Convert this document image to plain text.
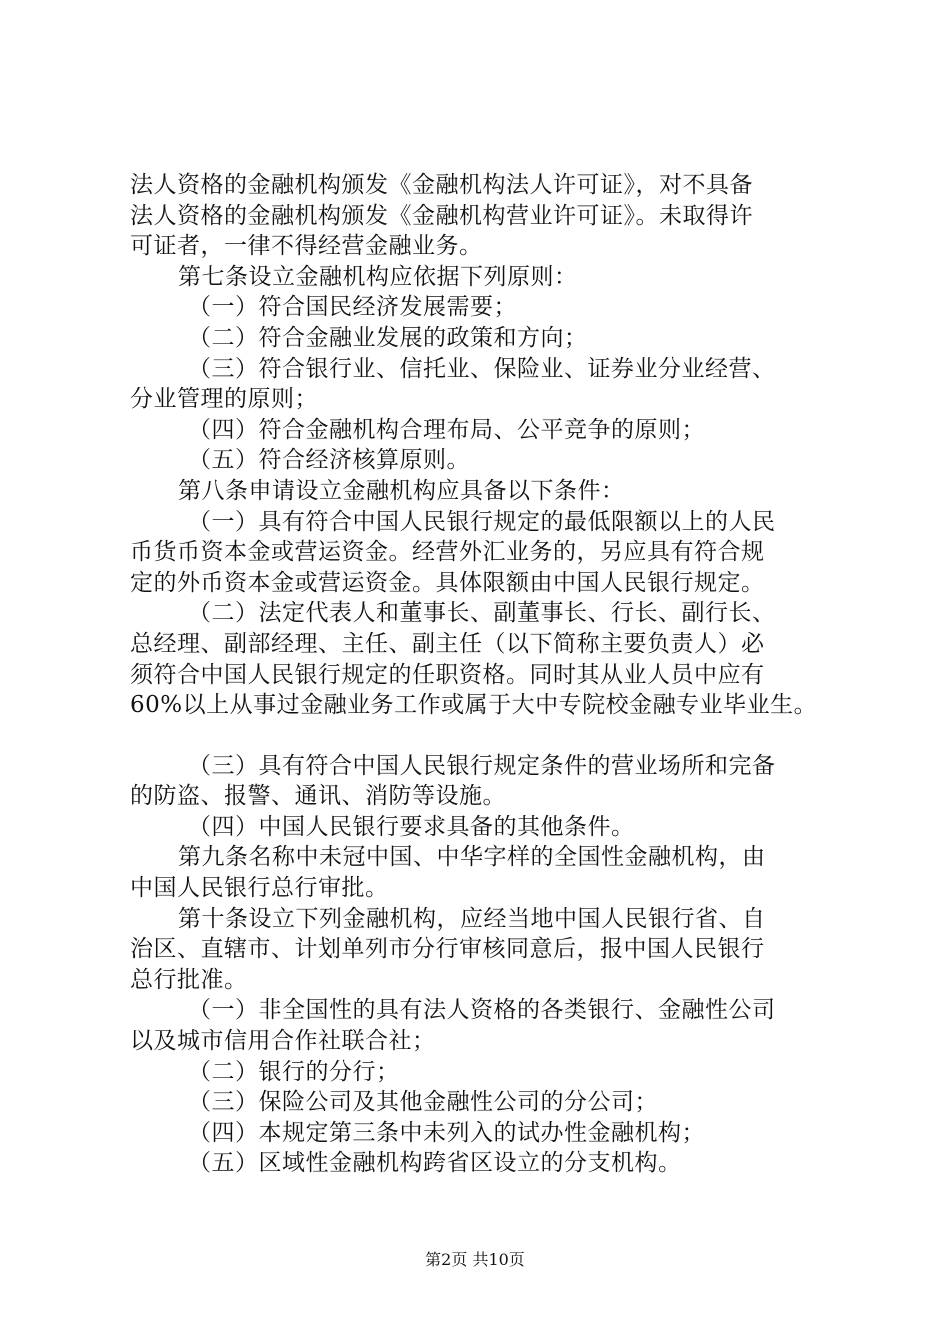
法人资格的金融机构颁发《金融机构法人许可证》，对不具备
法人资格的金融机构颁发《金融机构营业许可证》。未取得许
可证者，一律不得经营金融业务。
第七条设立金融机构应依据下列原则：
（一）符合国民经济发展需要；
（二）符合金融业发展的政策和方向；
（三）符合银行业、信托业、保险业、证券业分业经营、
分业管理的原则；
（四）符合金融机构合理布局、公平竞争的原则；
（五）符合经济核算原则。
第八条申请设立金融机构应具备以下条件：
（一）具有符合中国人民银行规定的最低限额以上的人民
币货币资本金或营运资金。经营外汇业务的，另应具有符合规
定的外币资本金或营运资金。具体限额由中国人民银行规定。
（二）法定代表人和董事长、副董事长、行长、副行长、
总经理、副部经理、主任、副主任（以下简称主要负责人）必
须符合中国人民银行规定的任职资格。同时其从业人员中应有
60%以上从事过金融业务工作或属于大中专院校金融专业毕业生。
（三）具有符合中国人民银行规定条件的营业场所和完备
的防盗、报警、通讯、消防等设施。
（四）中国人民银行要求具备的其他条件。
第九条名称中未冠中国、中华字样的全国性金融机构，由
中国人民银行总行审批。
第十条设立下列金融机构，应经当地中国人民银行省、自
治区、直辖市、计划单列市分行审核同意后，报中国人民银行
总行批准。
（一）非全国性的具有法人资格的各类银行、金融性公司
以及城市信用合作社联合社；
（二）银行的分行；
（三）保险公司及其他金融性公司的分公司；
（四）本规定第三条中未列入的试办性金融机构；
（五）区域性金融机构跨省区设立的分支机构。
第2页 共10页
